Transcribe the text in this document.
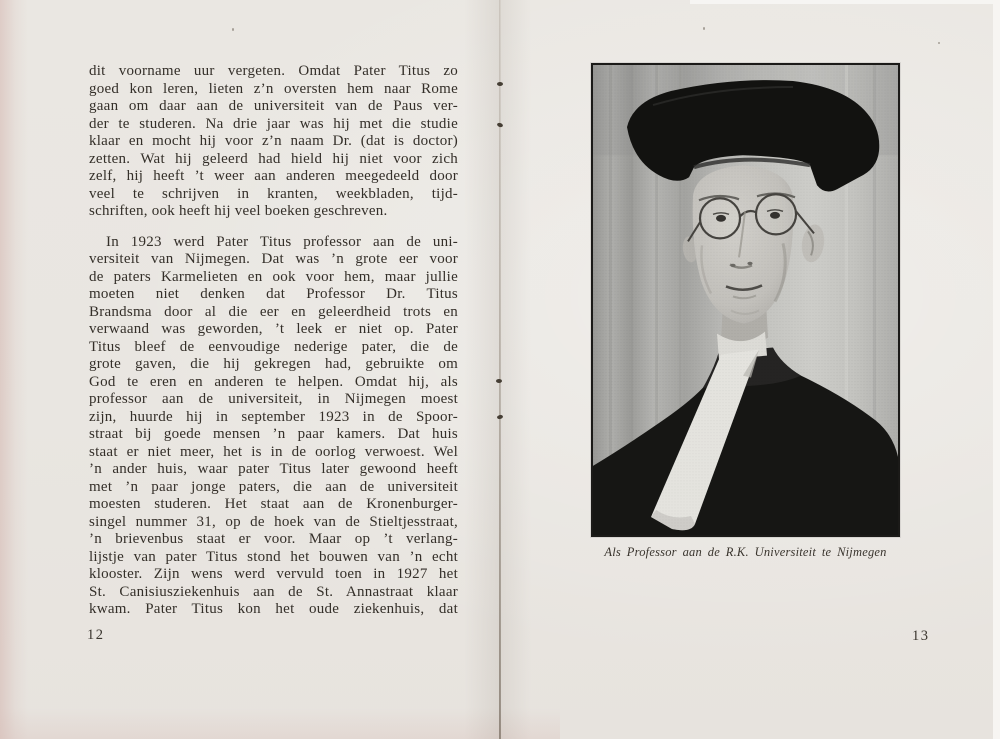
dit voorname uur vergeten. Omdat Pater Titus zo
goed kon leren, lieten z’n oversten hem naar Rome
gaan om daar aan de universiteit van de Paus ver-
der te studeren. Na drie jaar was hij met die studie
klaar en mocht hij voor z’n naam Dr. (dat is doctor)
zetten. Wat hij geleerd had hield hij niet voor zich
zelf, hij heeft ’t weer aan anderen meegedeeld door
veel te schrijven in kranten, weekbladen, tijd-
schriften, ook heeft hij veel boeken geschreven.
In 1923 werd Pater Titus professor aan de uni-
versiteit van Nijmegen. Dat was ’n grote eer voor
de paters Karmelieten en ook voor hem, maar jullie
moeten niet denken dat Professor Dr. Titus
Brandsma door al die eer en geleerdheid trots en
verwaand was geworden, ’t leek er niet op. Pater
Titus bleef de eenvoudige nederige pater, die de
grote gaven, die hij gekregen had, gebruikte om
God te eren en anderen te helpen. Omdat hij, als
professor aan de universiteit, in Nijmegen moest
zijn, huurde hij in september 1923 in de Spoor-
straat bij goede mensen ’n paar kamers. Dat huis
staat er niet meer, het is in de oorlog verwoest. Wel
’n ander huis, waar pater Titus later gewoond heeft
met ’n paar jonge paters, die aan de universiteit
moesten studeren. Het staat aan de Kronenburger-
singel nummer 31, op de hoek van de Stieltjesstraat,
’n brievenbus staat er voor. Maar op ’t verlang-
lijstje van pater Titus stond het bouwen van ’n echt
klooster. Zijn wens werd vervuld toen in 1927 het
St. Canisiusziekenhuis aan de St. Annastraat klaar
kwam. Pater Titus kon het oude ziekenhuis, dat
12
Als Professor aan de R.K. Universiteit te Nijmegen
13
